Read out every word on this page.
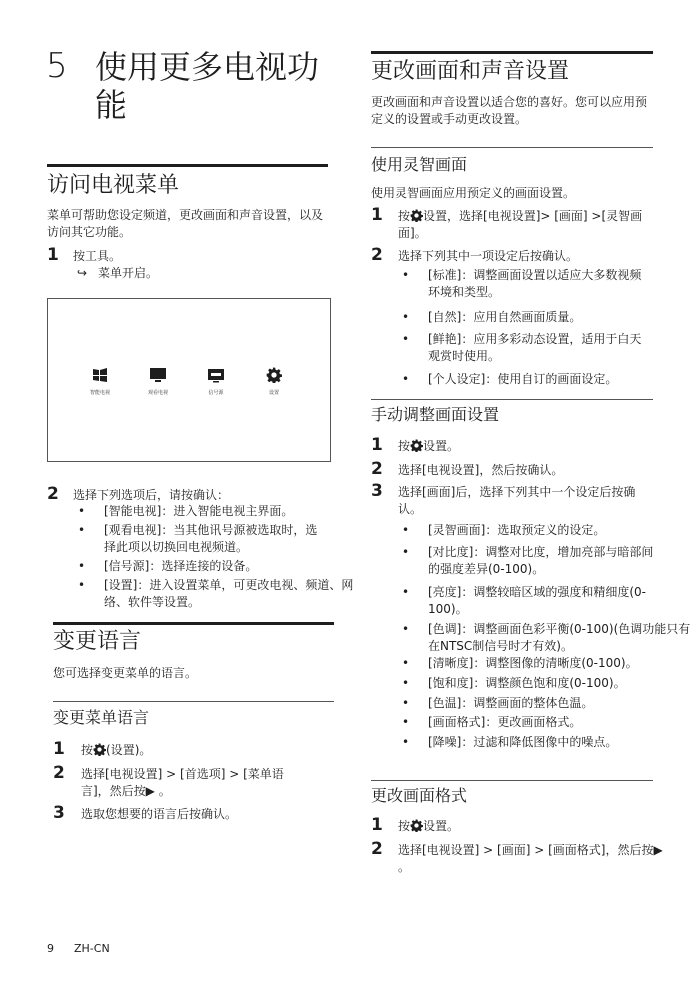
5 使用更多电视功能
访问电视菜单
菜单可帮助您设定频道，更改画面和声音设置，以及访问其它功能。
1 按工具。
↪ 菜单开启。
智能电视	观看电视	信号源	设置
2 选择下列选项后，请按确认：
• [智能电视]：进入智能电视主界面。
• [观看电视]：当其他讯号源被选取时，选择此项以切换回电视频道。
• [信号源]：选择连接的设备。
• [设置]：进入设置菜单，可更改电视、频道、网络、软件等设置。
变更语言
您可选择变更菜单的语言。
变更菜单语言
1 按 (设置)。
2 选择[电视设置] > [首选项] > [菜单语言]，然后按▶ 。
3 选取您想要的语言后按确认。
9 ZH-CN
更改画面和声音设置
更改画面和声音设置以适合您的喜好。您可以应用预定义的设置或手动更改设置。
使用灵智画面
使用灵智画面应用预定义的画面设置。
1 按 设置，选择[电视设置]> [画面] >[灵智画面]。
2 选择下列其中一项设定后按确认。
• [标准]：调整画面设置以适应大多数视频环境和类型。
• [自然]：应用自然画面质量。
• [鲜艳]：应用多彩动态设置，适用于白天观赏时使用。
• [个人设定]：使用自订的画面设定。
手动调整画面设置
1 按 设置。
2 选择[电视设置]，然后按确认。
3 选择[画面]后，选择下列其中一个设定后按确认。
• [灵智画面]：选取预定义的设定。
• [对比度]：调整对比度，增加亮部与暗部间的强度差异(0-100)。
• [亮度]：调整较暗区域的强度和精细度(0-100)。
• [色调]：调整画面色彩平衡(0-100)(色调功能只有在NTSC制信号时才有效)。
• [清晰度]：调整图像的清晰度(0-100)。
• [饱和度]：调整颜色饱和度(0-100)。
• [色温]：调整画面的整体色温。
• [画面格式]：更改画面格式。
• [降噪]：过滤和降低图像中的噪点。
更改画面格式
1 按 设置。
2 选择[电视设置] > [画面] > [画面格式]，然后按▶ 。
